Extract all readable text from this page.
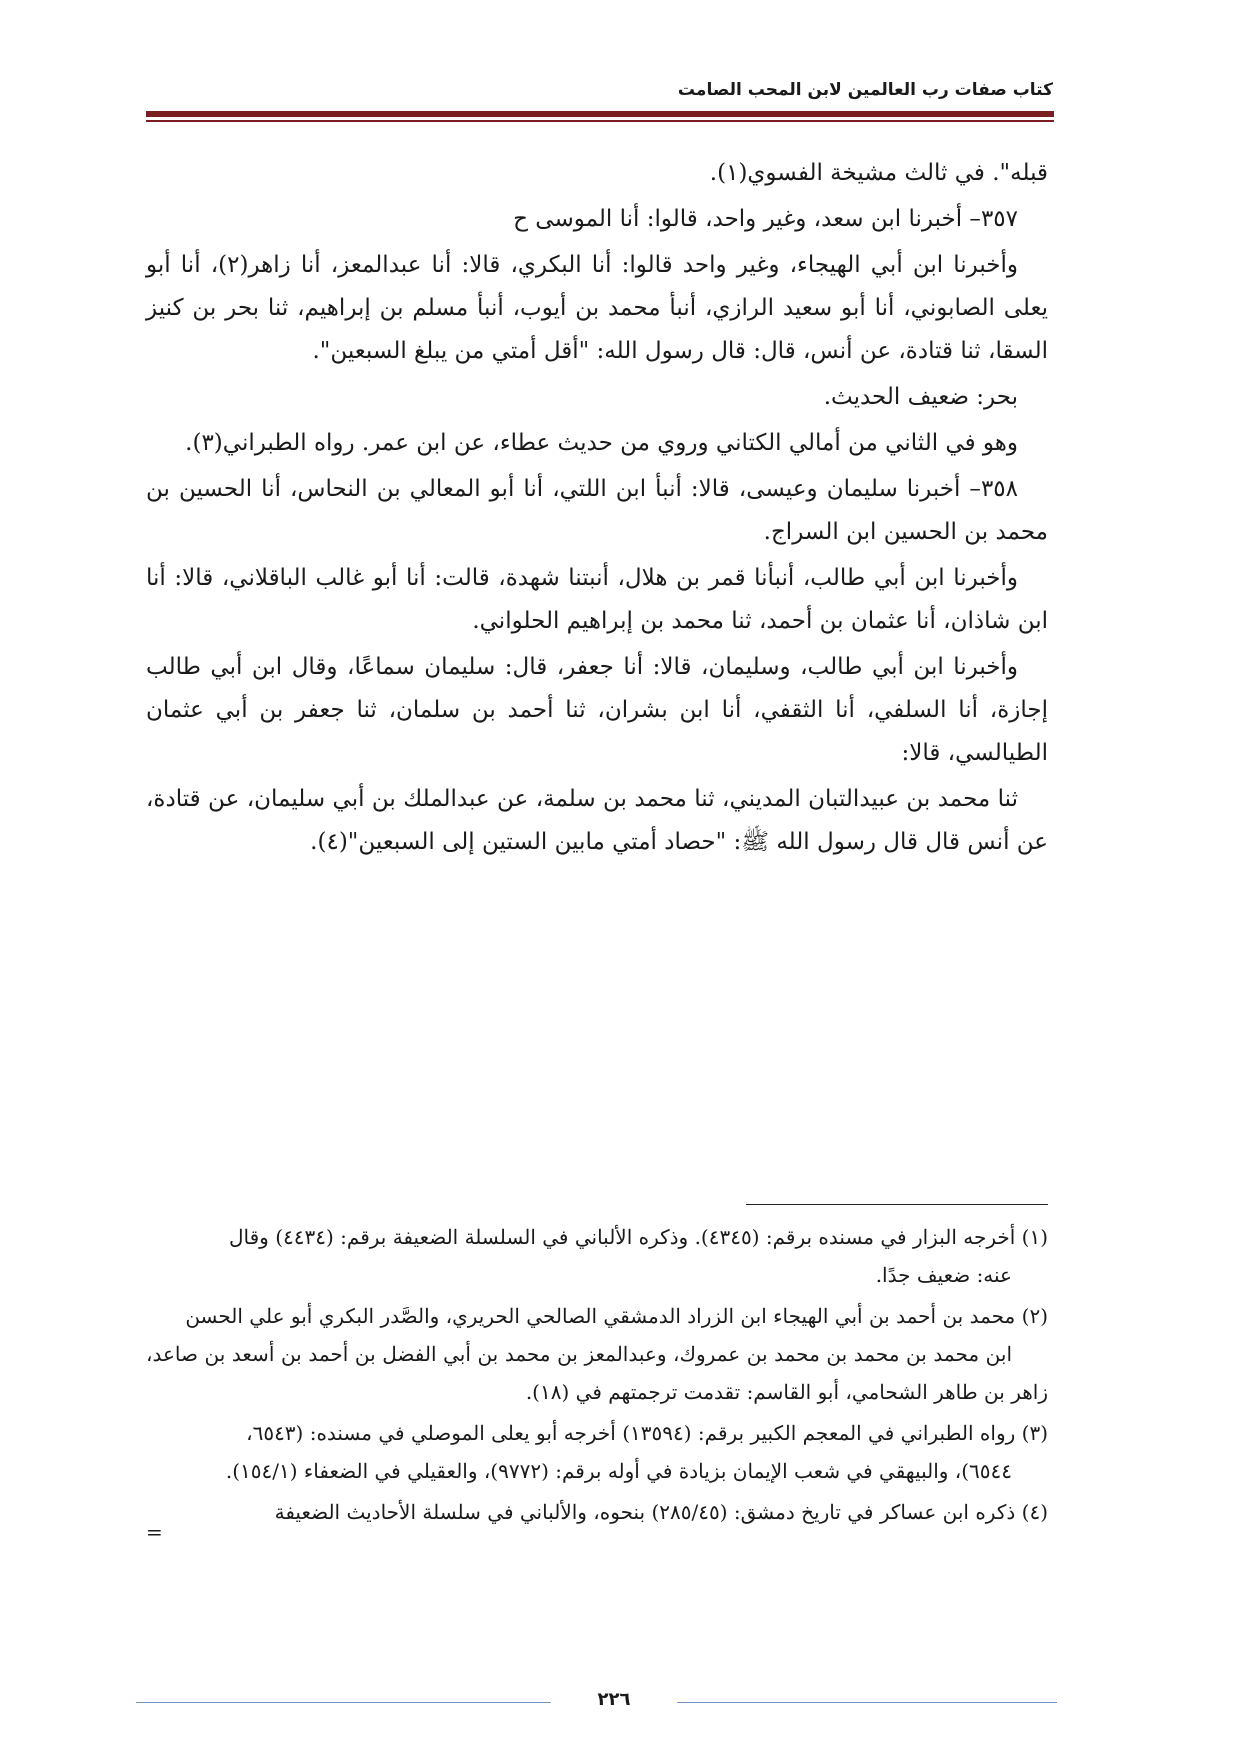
كتاب صفات رب العالمين لابن المحب الصامت

قبله". في ثالث مشيخة الفسوي(١).

٣٥٧– أخبرنا ابن سعد، وغير واحد، قالوا: أنا الموسى ح

وأخبرنا ابن أبي الهيجاء، وغير واحد قالوا: أنا البكري، قالا: أنا عبدالمعز، أنا زاهر(٢)، أنا أبو يعلى الصابوني، أنا أبو سعيد الرازي، أنبأ محمد بن أيوب، أنبأ مسلم بن إبراهيم، ثنا بحر بن كنيز السقا، ثنا قتادة، عن أنس، قال: قال رسول الله: "أقل أمتي من يبلغ السبعين".

بحر: ضعيف الحديث.

وهو في الثاني من أمالي الكتاني وروي من حديث عطاء، عن ابن عمر. رواه الطبراني(٣).

٣٥٨– أخبرنا سليمان وعيسى، قالا: أنبأ ابن اللتي، أنا أبو المعالي بن النحاس، أنا الحسين بن محمد بن الحسين ابن السراج.

وأخبرنا ابن أبي طالب، أنبأنا قمر بن هلال، أنبتنا شهدة، قالت: أنا أبو غالب الباقلاني، قالا: أنا ابن شاذان، أنا عثمان بن أحمد، ثنا محمد بن إبراهيم الحلواني.

وأخبرنا ابن أبي طالب، وسليمان، قالا: أنا جعفر، قال: سليمان سماعًا، وقال ابن أبي طالب إجازة، أنا السلفي، أنا الثقفي، أنا ابن بشران، ثنا أحمد بن سلمان، ثنا جعفر بن أبي عثمان الطيالسي، قالا:

ثنا محمد بن عبيدالتبان المديني، ثنا محمد بن سلمة، عن عبدالملك بن أبي سليمان، عن قتادة، عن أنس قال قال رسول الله ﷺ: "حصاد أمتي مابين الستين إلى السبعين"(٤).

(١) أخرجه البزار في مسنده برقم: (٤٣٤٥). وذكره الألباني في السلسلة الضعيفة برقم: (٤٤٣٤) وقال
عنه: ضعيف جدًا.

(٢) محمد بن أحمد بن أبي الهيجاء ابن الزراد الدمشقي الصالحي الحريري، والصَّدر البكري أبو علي الحسن
ابن محمد بن محمد بن محمد بن عمروك، وعبدالمعز بن محمد بن أبي الفضل بن أحمد بن أسعد بن صاعد، زاهر بن طاهر الشحامي، أبو القاسم: تقدمت ترجمتهم في (١٨).

(٣) رواه الطبراني في المعجم الكبير برقم: (١٣٥٩٤) أخرجه أبو يعلى الموصلي في مسنده: (٦٥٤٣،
٦٥٤٤)، والبيهقي في شعب الإيمان بزيادة في أوله برقم: (٩٧٧٢)، والعقيلي في الضعفاء (١٥٤/١).

(٤) ذكره ابن عساكر في تاريخ دمشق: (٢٨٥/٤٥) بنحوه، والألباني في سلسلة الأحاديث الضعيفة
=

٢٢٦
